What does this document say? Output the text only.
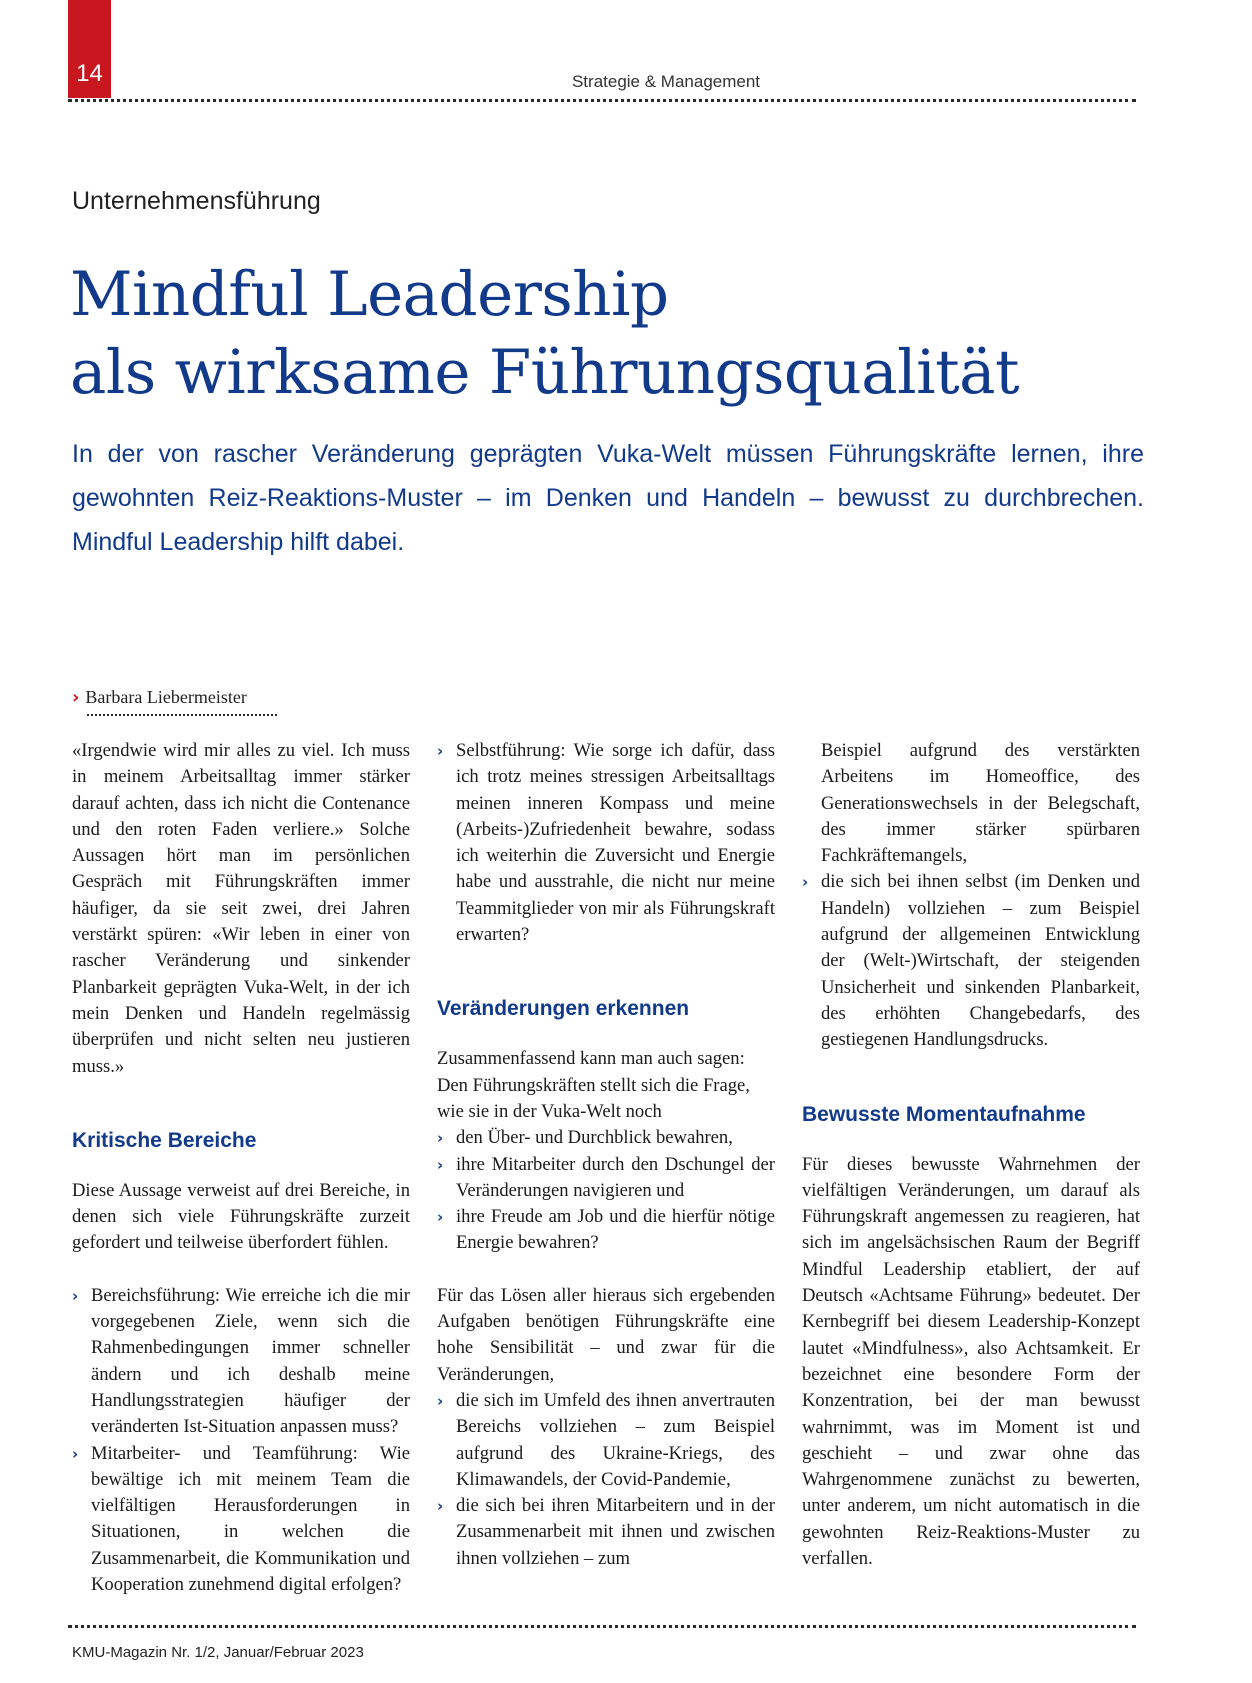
14	Strategie & Management
Unternehmensführung
Mindful Leadership
als wirksame Führungsqualität

In der von rascher Veränderung geprägten Vuka-Welt müssen Führungskräfte lernen, ihre gewohnten Reiz-Reaktions-Muster – im Denken und Handeln – bewusst zu durchbrechen. Mindful Leadership hilft dabei.

› Barbara Liebermeister

«Irgendwie wird mir alles zu viel. Ich muss in meinem Arbeitsalltag immer stärker darauf achten, dass ich nicht die Contenance und den roten Faden verliere.» Solche Aussagen hört man im persönlichen Gespräch mit Führungskräften immer häufiger, da sie seit zwei, drei Jahren verstärkt spüren: «Wir leben in einer von rascher Veränderung und sinkender Planbarkeit geprägten Vuka-Welt, in der ich mein Denken und Handeln regelmässig überprüfen und nicht selten neu justieren muss.»

Kritische Bereiche

Diese Aussage verweist auf drei Bereiche, in denen sich viele Führungskräfte zurzeit gefordert und teilweise überfordert fühlen.

› Bereichsführung: Wie erreiche ich die mir vorgegebenen Ziele, wenn sich die Rahmenbedingungen immer schneller ändern und ich deshalb meine Handlungsstrategien häufiger der veränderten Ist-Situation anpassen muss?
› Mitarbeiter- und Teamführung: Wie bewältige ich mit meinem Team die vielfältigen Herausforderungen in Situationen, in welchen die Zusammenarbeit, die Kommunikation und Kooperation zunehmend digital erfolgen?
› Selbstführung: Wie sorge ich dafür, dass ich trotz meines stressigen Arbeitsalltags meinen inneren Kompass und meine (Arbeits-)Zufriedenheit bewahre, sodass ich weiterhin die Zuversicht und Energie habe und ausstrahle, die nicht nur meine Teammitglieder von mir als Führungskraft erwarten?
Veränderungen erkennen

Zusammenfassend kann man auch sagen: Den Führungskräften stellt sich die Frage, wie sie in der Vuka-Welt noch

› den Über- und Durchblick bewahren,
› ihre Mitarbeiter durch den Dschungel der Veränderungen navigieren und
› ihre Freude am Job und die hierfür nötige Energie bewahren?

Für das Lösen aller hieraus sich ergebenden Aufgaben benötigen Führungskräfte eine hohe Sensibilität – und zwar für die Veränderungen,

› die sich im Umfeld des ihnen anvertrauten Bereichs vollziehen – zum Beispiel aufgrund des Ukraine-Kriegs, des Klimawandels, der Covid-Pandemie,
› die sich bei ihren Mitarbeitern und in der Zusammenarbeit mit ihnen und zwischen ihnen vollziehen – zum

Beispiel aufgrund des verstärkten Arbeitens im Homeoffice, des Generationswechsels in der Belegschaft, des immer stärker spürbaren Fachkräftemangels,

› die sich bei ihnen selbst (im Denken und Handeln) vollziehen – zum Beispiel aufgrund der allgemeinen Entwicklung der (Welt-)Wirtschaft, der steigenden Unsicherheit und sinkenden Planbarkeit, des erhöhten Changebedarfs, des gestiegenen Handlungsdrucks.
Bewusste Momentaufnahme

Für dieses bewusste Wahrnehmen der vielfältigen Veränderungen, um darauf als Führungskraft angemessen zu reagieren, hat sich im angelsächsischen Raum der Begriff Mindful Leadership etabliert, der auf Deutsch «Achtsame Führung» bedeutet. Der Kernbegriff bei diesem Leadership-Konzept lautet «Mindfulness», also Achtsamkeit. Er bezeichnet eine besondere Form der Konzentration, bei der man bewusst wahrnimmt, was im Moment ist und geschieht – und zwar ohne das Wahrgenommene zunächst zu bewerten, unter anderem, um nicht automatisch in die gewohnten Reiz-Reaktions-Muster zu verfallen.

KMU-Magazin Nr. 1/2, Januar/Februar 2023
